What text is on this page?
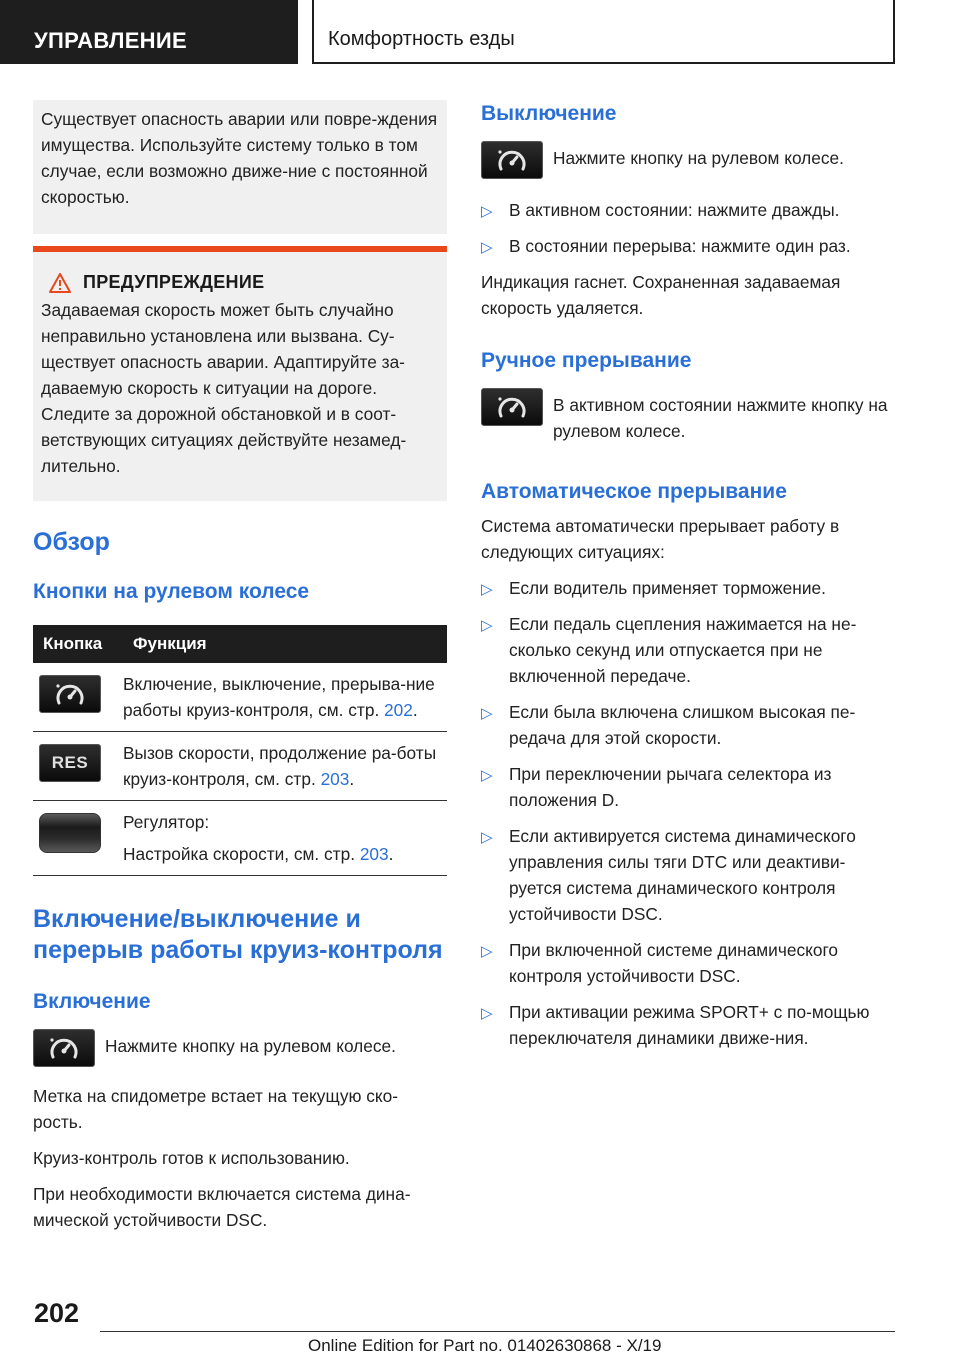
УПРАВЛЕНИЕ	Комфортность езды

Существует опасность аварии или повре-ждения имущества. Используйте систему только в том случае, если возможно движе-ние с постоянной скоростью.

ПРЕДУПРЕЖДЕНИЕ

Задаваемая скорость может быть случайно неправильно установлена или вызвана. Су-ществует опасность аварии. Адаптируйте за-даваемую скорость к ситуации на дороге. Следите за дорожной обстановкой и в соот-ветствующих ситуациях действуйте незамед-лительно.

Обзор
Кнопки на рулевом колесе
Кнопка	Функция

	Включение, выключение, прерыва-ние работы круиз-контроля, см. стр. 202.

RES	Вызов скорости, продолжение ра-боты круиз-контроля, см. стр. 203.

	Регулятор:
Настройка скорости, см. стр. 203.
Включение/выключение и перерыв работы круиз-контроля
Включение

Нажмите кнопку на рулевом колесе.

Метка на спидометре встает на текущую ско-рость.

Круиз-контроль готов к использованию.

При необходимости включается система дина-мической устойчивости DSC.

Выключение

Нажмите кнопку на рулевом колесе.

▷ В активном состоянии: нажмите дважды.
▷ В состоянии перерыва: нажмите один раз.

Индикация гаснет. Сохраненная задаваемая скорость удаляется.

Ручное прерывание

В активном состоянии нажмите кнопку на рулевом колесе.

Автоматическое прерывание

Система автоматически прерывает работу в следующих ситуациях:

▷ Если водитель применяет торможение.
▷ Если педаль сцепления нажимается на не-сколько секунд или отпускается при не включенной передаче.
▷ Если была включена слишком высокая пе-редача для этой скорости.
▷ При переключении рычага селектора из положения D.
▷ Если активируется система динамического управления силы тяги DTC или деактиви-руется система динамического контроля устойчивости DSC.
▷ При включенной системе динамического контроля устойчивости DSC.
▷ При активации режима SPORT+ с по-мощью переключателя динамики движе-ния.
202
Online Edition for Part no. 01402630868 - X/19
